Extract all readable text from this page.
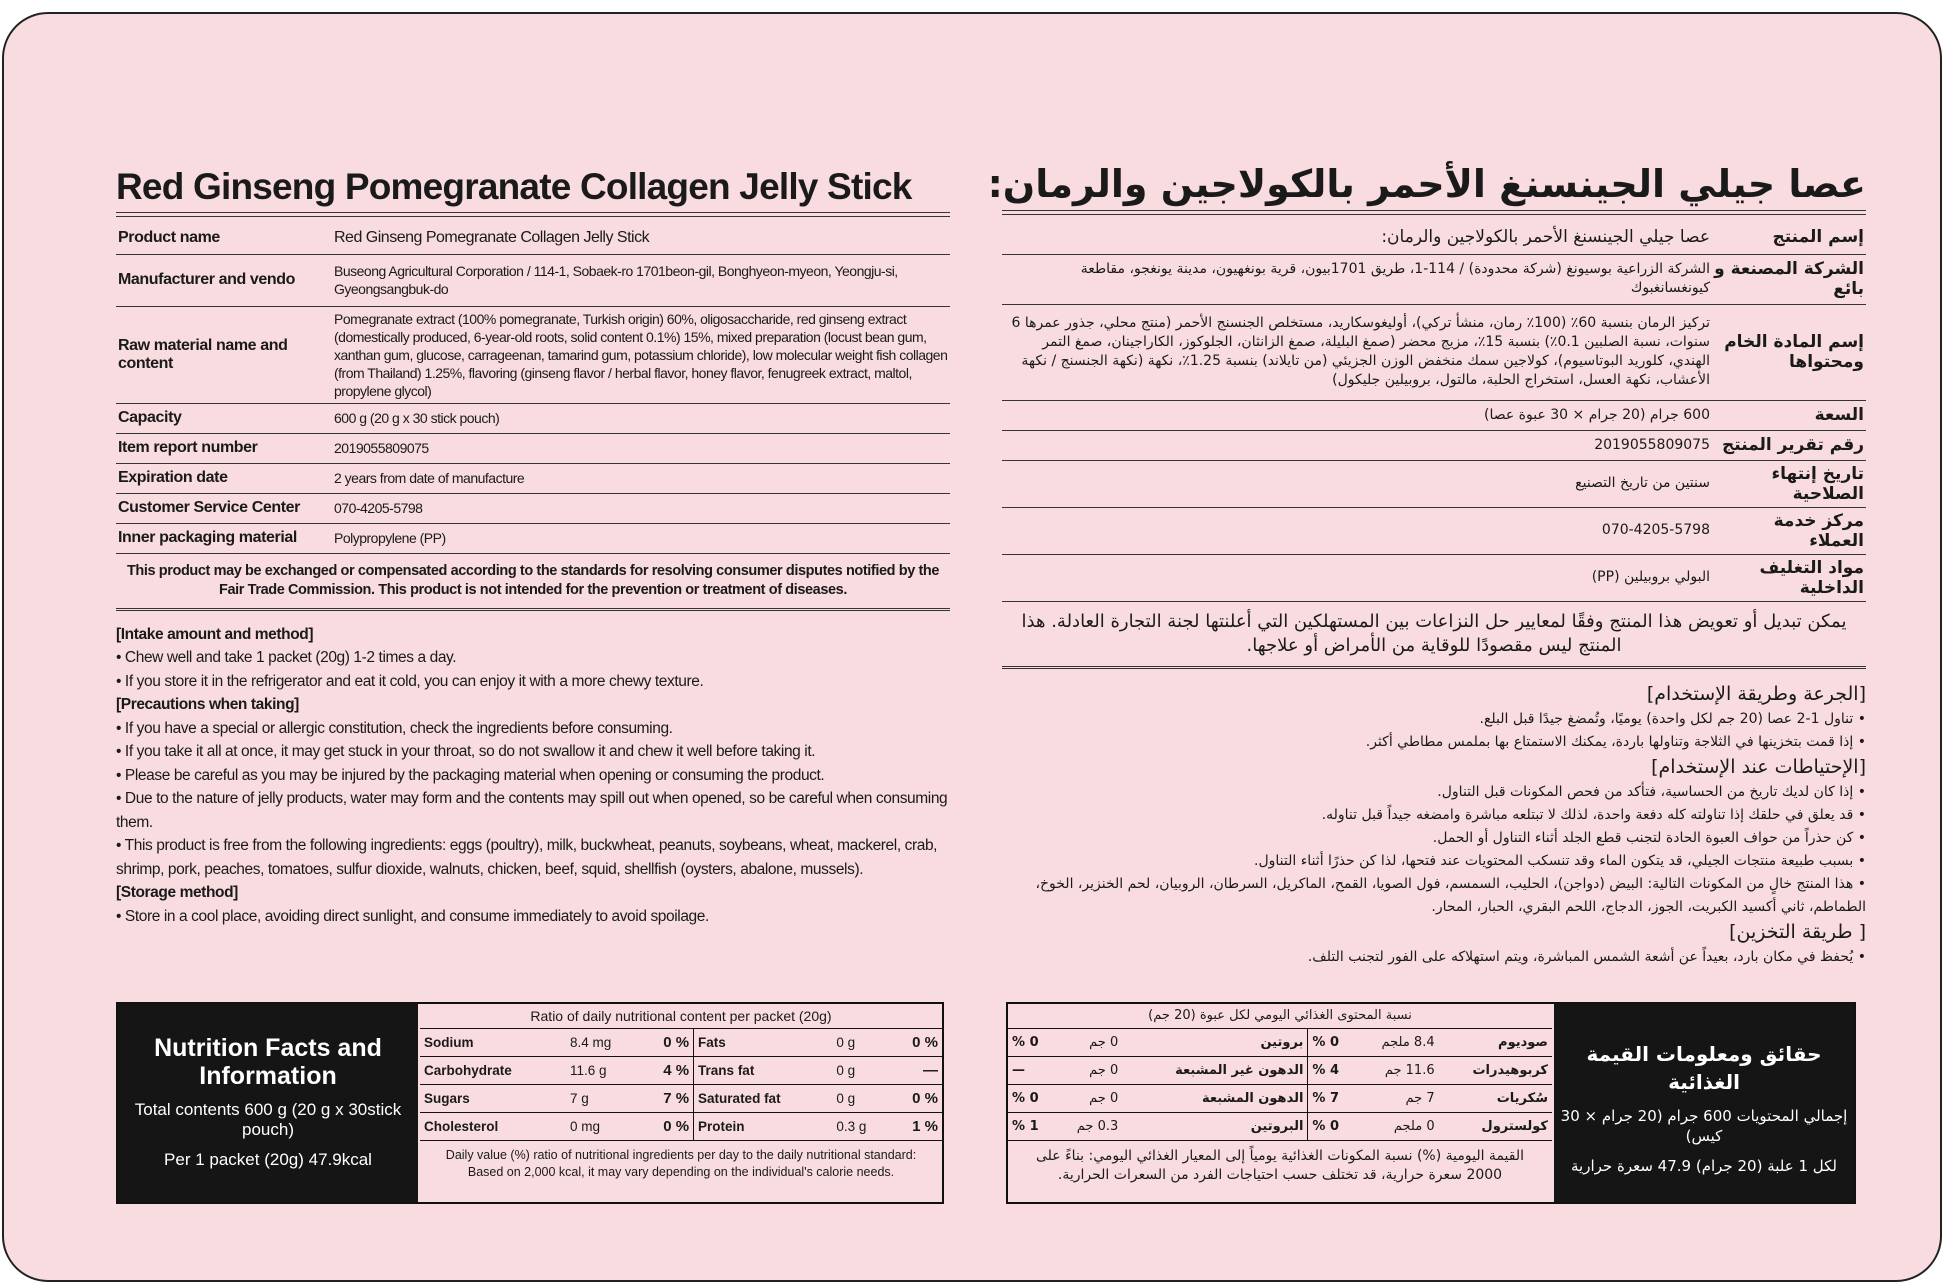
Red Ginseng Pomegranate Collagen Jelly Stick
Product name	Red Ginseng Pomegranate Collagen Jelly Stick
Manufacturer and vendo	Buseong Agricultural Corporation / 114-1, Sobaek-ro 1701beon-gil, Bonghyeon-myeon, Yeongju-si, Gyeongsangbuk-do
Raw material name and content	Pomegranate extract (100% pomegranate, Turkish origin) 60%, oligosaccharide, red ginseng extract (domestically produced, 6-year-old roots, solid content 0.1%) 15%, mixed preparation (locust bean gum, xanthan gum, glucose, carrageenan, tamarind gum, potassium chloride), low molecular weight fish collagen (from Thailand) 1.25%, flavoring (ginseng flavor / herbal flavor, honey flavor, fenugreek extract, maltol, propylene glycol)
Capacity	600 g (20 g x 30 stick pouch)
Item report number	2019055809075
Expiration date	2 years from date of manufacture
Customer Service Center	070-4205-5798
Inner packaging material	Polypropylene (PP)
This product may be exchanged or compensated according to the standards for resolving consumer disputes notified by the Fair Trade Commission. This product is not intended for the prevention or treatment of diseases.
[Intake amount and method]
• Chew well and take 1 packet (20g) 1-2 times a day.
• If you store it in the refrigerator and eat it cold, you can enjoy it with a more chewy texture.
[Precautions when taking]
• If you have a special or allergic constitution, check the ingredients before consuming.
• If you take it all at once, it may get stuck in your throat, so do not swallow it and chew it well before taking it.
• Please be careful as you may be injured by the packaging material when opening or consuming the product.
• Due to the nature of jelly products, water may form and the contents may spill out when opened, so be careful when consuming them.
• This product is free from the following ingredients: eggs (poultry), milk, buckwheat, peanuts, soybeans, wheat, mackerel, crab, shrimp, pork, peaches, tomatoes, sulfur dioxide, walnuts, chicken, beef, squid, shellfish (oysters, abalone, mussels).
[Storage method]
• Store in a cool place, avoiding direct sunlight, and consume immediately to avoid spoilage.
عصا جيلي الجينسنغ الأحمر بالكولاجين والرمان:
إسم المنتج	عصا جيلي الجينسنغ الأحمر بالكولاجين والرمان:
الشركة المصنعة و بائع	الشركة الزراعية بوسيونغ (شركة محدودة) / 114-1، طريق 1701بيون، قرية بونغهيون، مدينة يونغجو، مقاطعة كيونغسانغبوك
إسم المادة الخام ومحتواها	تركيز الرمان بنسبة 60٪ (100٪ رمان، منشأ تركي)، أوليغوسكاريد، مستخلص الجنسنج الأحمر (منتج محلي، جذور عمرها 6 سنوات، نسبة الصلبين 0.1٪) بنسبة 15٪، مزيج محضر (صمغ البليلة، صمغ الزانثان، الجلوكوز، الكاراجينان، صمغ التمر الهندي، كلوريد البوتاسيوم)، كولاجين سمك منخفض الوزن الجزيئي (من تايلاند) بنسبة 1.25٪، نكهة (نكهة الجنسنج / نكهة الأعشاب، نكهة العسل، استخراج الحلبة، مالتول، بروبيلين جليكول)
السعة	600 جرام (20 جرام × 30 عبوة عصا)
رقم تقرير المنتج	2019055809075
تاريخ إنتهاء الصلاحية	سنتين من تاريخ التصنيع
مركز خدمة العملاء	070-4205-5798
مواد التغليف الداخلية	البولي بروبيلين (PP)
يمكن تبديل أو تعويض هذا المنتج وفقًا لمعايير حل النزاعات بين المستهلكين التي أعلنتها لجنة التجارة العادلة. هذا المنتج ليس مقصودًا للوقاية من الأمراض أو علاجها.
[الجرعة وطريقة الإستخدام]
• تناول 1-2 عصا (20 جم لكل واحدة) يوميًا، وتُمضغ جيدًا قبل البلع.
• إذا قمت بتخزينها في الثلاجة وتناولها باردة، يمكنك الاستمتاع بها بملمس مطاطي أكثر.
[الإحتياطات عند الإستخدام]
• إذا كان لديك تاريخ من الحساسية، فتأكد من فحص المكونات قبل التناول.
• قد يعلق في حلقك إذا تناولته كله دفعة واحدة، لذلك لا تبتلعه مباشرة وامضغه جيداً قبل تناوله.
• كن حذراً من حواف العبوة الحادة لتجنب قطع الجلد أثناء التناول أو الحمل.
• بسبب طبيعة منتجات الجيلي، قد يتكون الماء وقد تنسكب المحتويات عند فتحها، لذا كن حذرًا أثناء التناول.
• هذا المنتج خالٍ من المكونات التالية: البيض (دواجن)، الحليب، السمسم، فول الصويا، القمح، الماكريل، السرطان، الروبيان، لحم الخنزير، الخوخ، الطماطم، ثاني أكسيد الكبريت، الجوز، الدجاج، اللحم البقري، الحبار، المحار.
[ طريقة التخزين]
• يُحفظ في مكان بارد، بعيداً عن أشعة الشمس المباشرة، ويتم استهلاكه على الفور لتجنب التلف.
Nutrition Facts and Information
Total contents 600 g (20 g x 30stick pouch)
Per 1 packet (20g) 47.9kcal
Ratio of daily nutritional content per packet (20g)
Sodium	8.4 mg	0 %	Fats	0 g	0 %
Carbohydrate	11.6 g	4 %	Trans fat	0 g	—
Sugars	7 g	7 %	Saturated fat	0 g	0 %
Cholesterol	0 mg	0 %	Protein	0.3 g	1 %
Daily value (%) ratio of nutritional ingredients per day to the daily nutritional standard: Based on 2,000 kcal, it may vary depending on the individual's calorie needs.
حقائق ومعلومات القيمة الغذائية
إجمالي المحتويات 600 جرام (20 جرام × 30 كيس)
لكل 1 علبة (20 جرام) 47.9 سعرة حرارية
نسبة المحتوى الغذائي اليومي لكل عبوة (20 جم)
صوديوم	8.4 ملجم	0 %	بروتين	0 جم	0 %
كربوهيدرات	11.6 جم	4 %	الدهون غير المشبعة	0 جم	—
سُكريات	7 جم	7 %	الدهون المشبعة	0 جم	0 %
كولسترول	0 ملجم	0 %	البروتين	0.3 جم	1 %
القيمة اليومية (%) نسبة المكونات الغذائية يومياً إلى المعيار الغذائي اليومي: بناءً على 2000 سعرة حرارية، قد تختلف حسب احتياجات الفرد من السعرات الحرارية.
